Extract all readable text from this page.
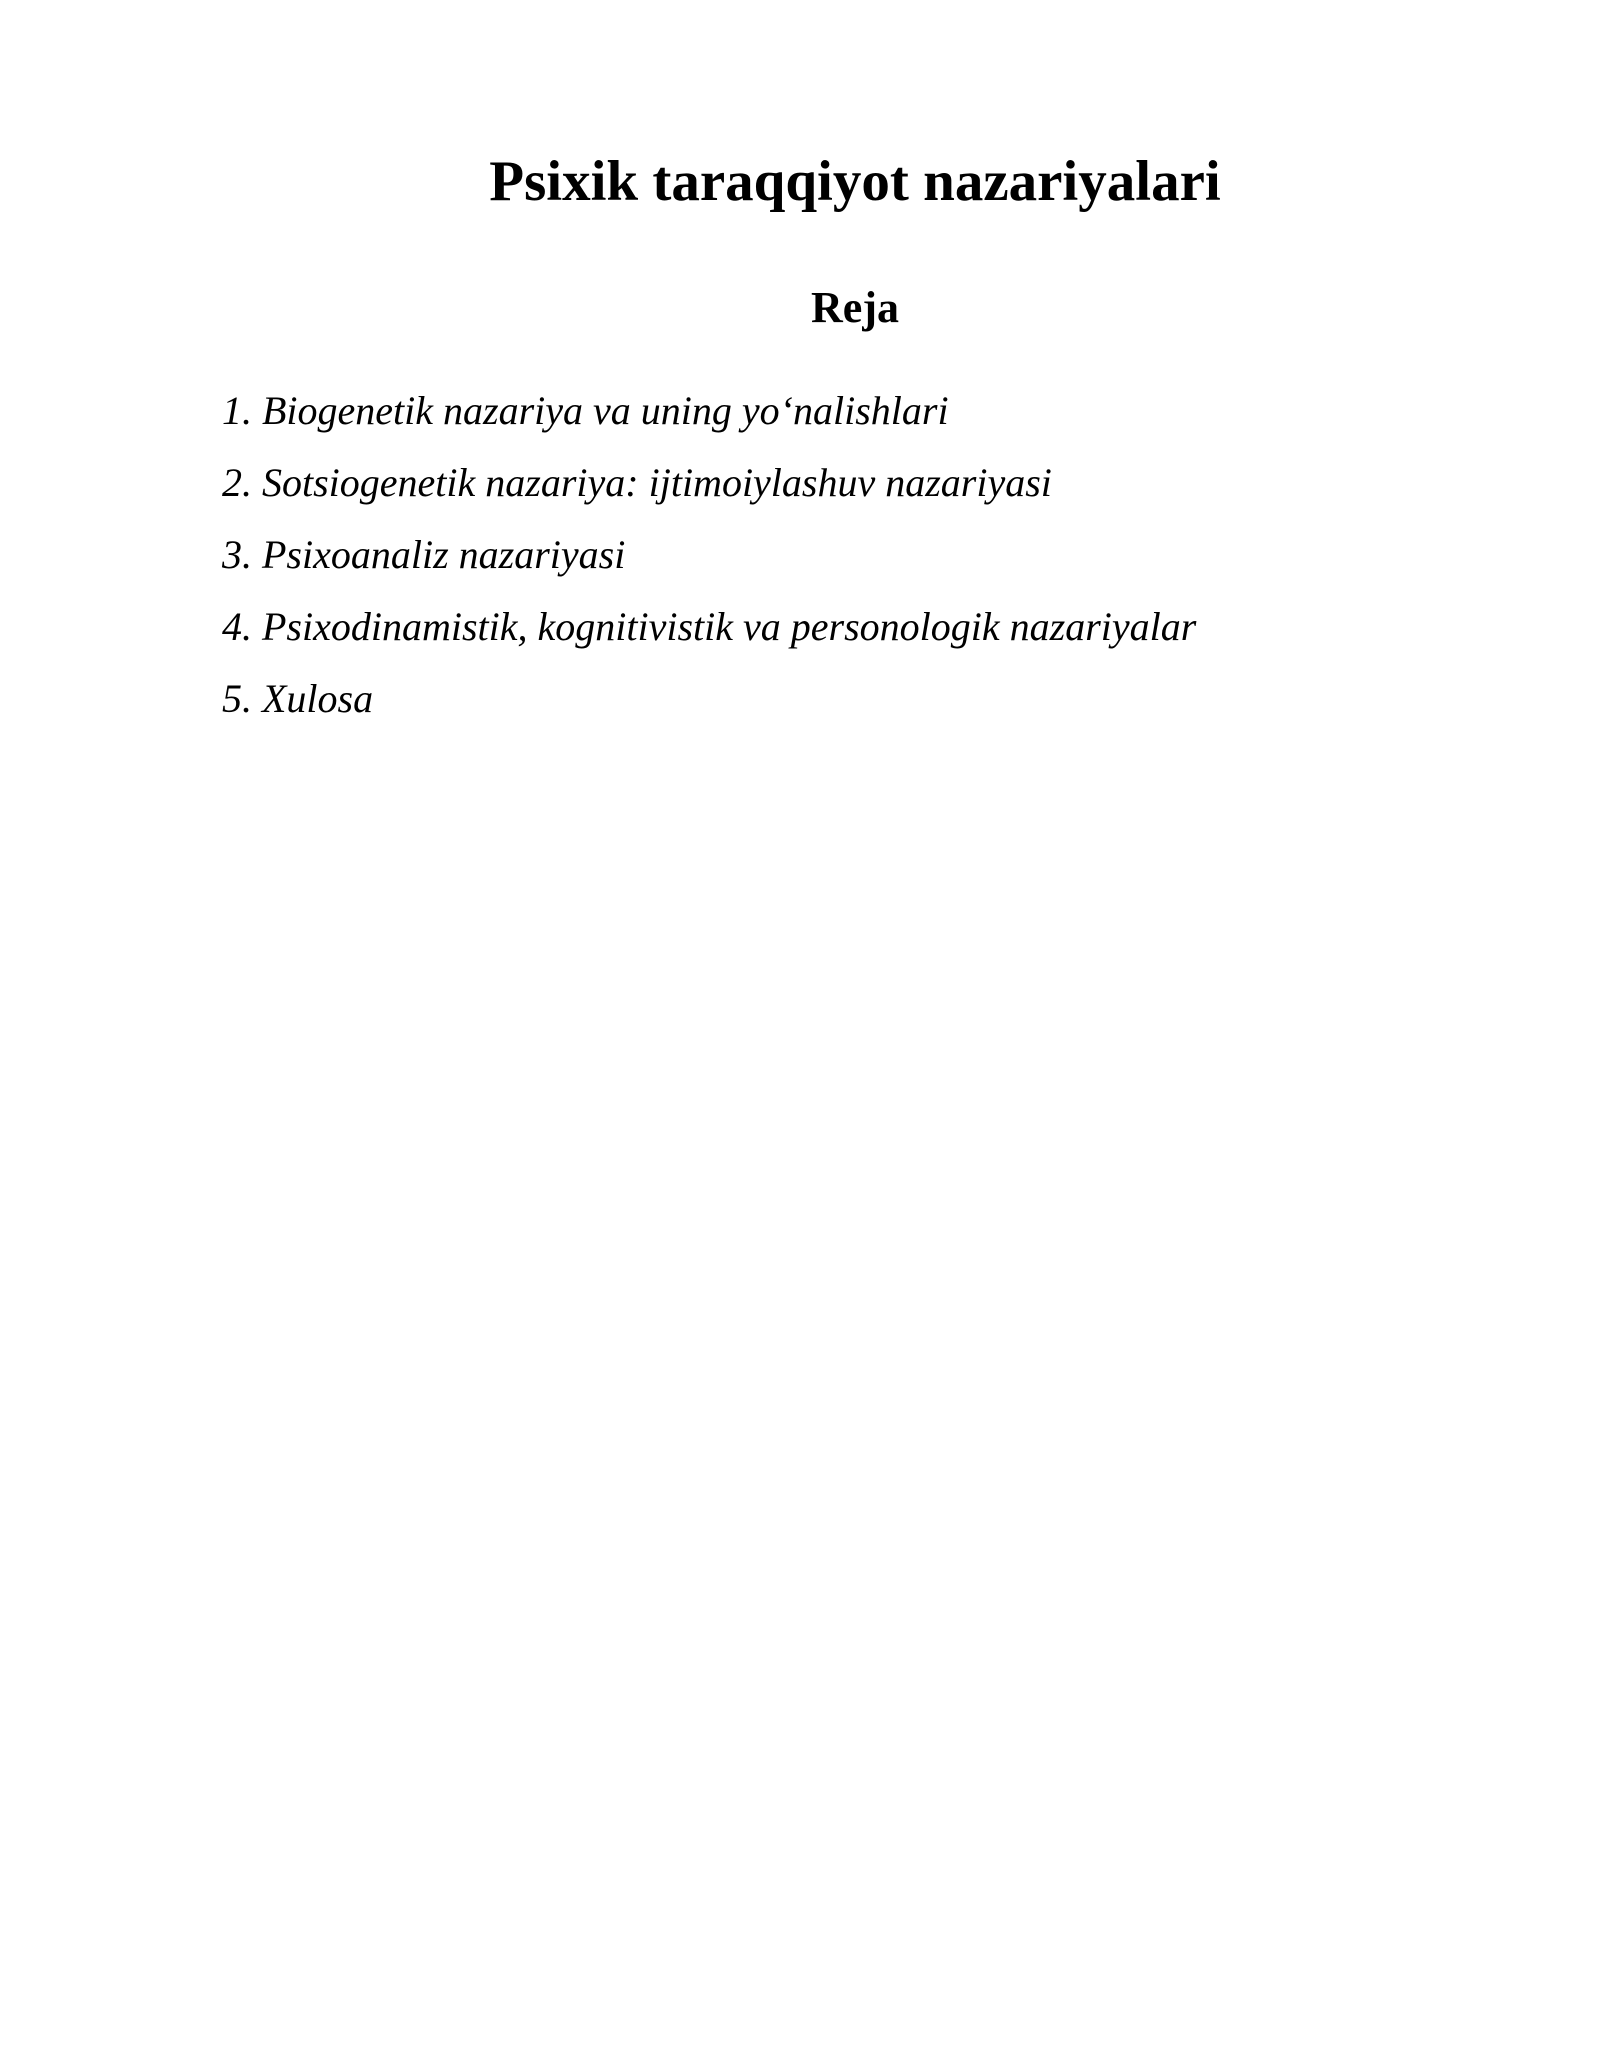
Psixik taraqqiyot nazariyalari
Reja
1. Biogenetik nazariya va uning yo‘nalishlari
2. Sotsiogenetik nazariya: ijtimoiylashuv nazariyasi
3. Psixoanaliz nazariyasi
4. Psixodinamistik, kognitivistik va personologik nazariyalar
5. Xulosa
